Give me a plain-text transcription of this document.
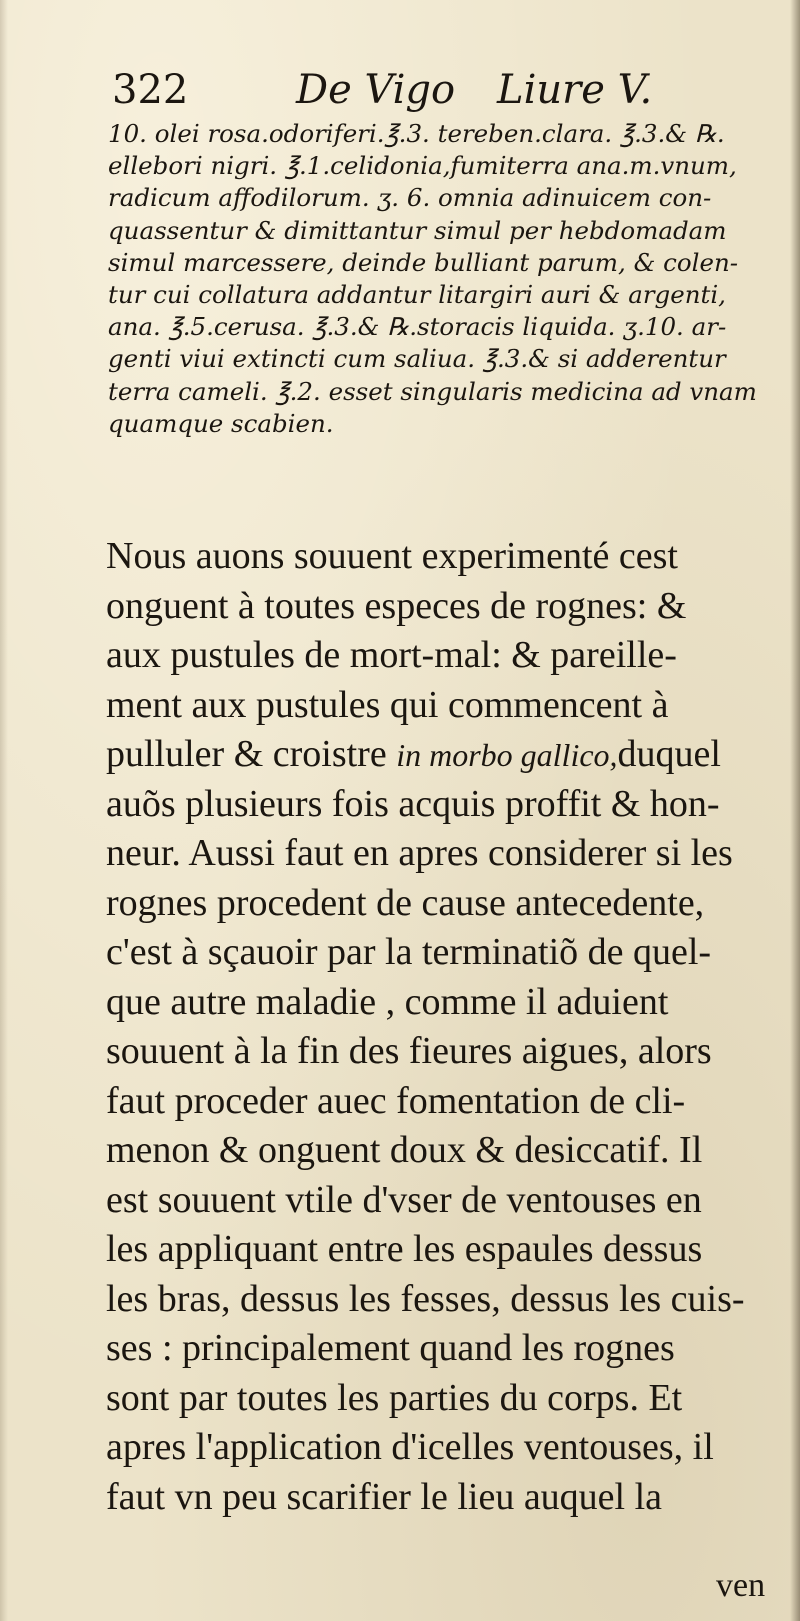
322	De Vigo Liure V.
10. olei rosa.odoriferi.℥.3. tereben.clara. ℥.3.& ℞.
ellebori nigri. ℥.1.celidonia,fumiterra ana.m.vnum,
radicum affodilorum. ʒ. 6. omnia adinuicem con-
quassentur & dimittantur simul per hebdomadam
simul marcessere, deinde bulliant parum, & colen-
tur cui collatura addantur litargiri auri & argenti,
ana. ℥.5.cerusa. ℥.3.& ℞.storacis liquida. ʒ.10. ar-
genti viui extincti cum saliua. ℥.3.& si adderentur
terra cameli. ℥.2. esset singularis medicina ad vnam
quamque scabien.
Nous auons souuent experimenté cest
onguent à toutes especes de rognes: &
aux pustules de mort-mal: & pareille-
ment aux pustules qui commencent à
pulluler & croistre in morbo gallico,duquel
auõs plusieurs fois acquis proffit & hon-
neur. Aussi faut en apres considerer si les
rognes procedent de cause antecedente,
c'est à sçauoir par la terminatiõ de quel-
que autre maladie , comme il aduient
souuent à la fin des fieures aigues, alors
faut proceder auec fomentation de cli-
menon & onguent doux & desiccatif. Il
est souuent vtile d'vser de ventouses en
les appliquant entre les espaules dessus
les bras, dessus les fesses, dessus les cuis-
ses : principalement quand les rognes
sont par toutes les parties du corps. Et
apres l'application d'icelles ventouses, il
faut vn peu scarifier le lieu auquel la
ven
